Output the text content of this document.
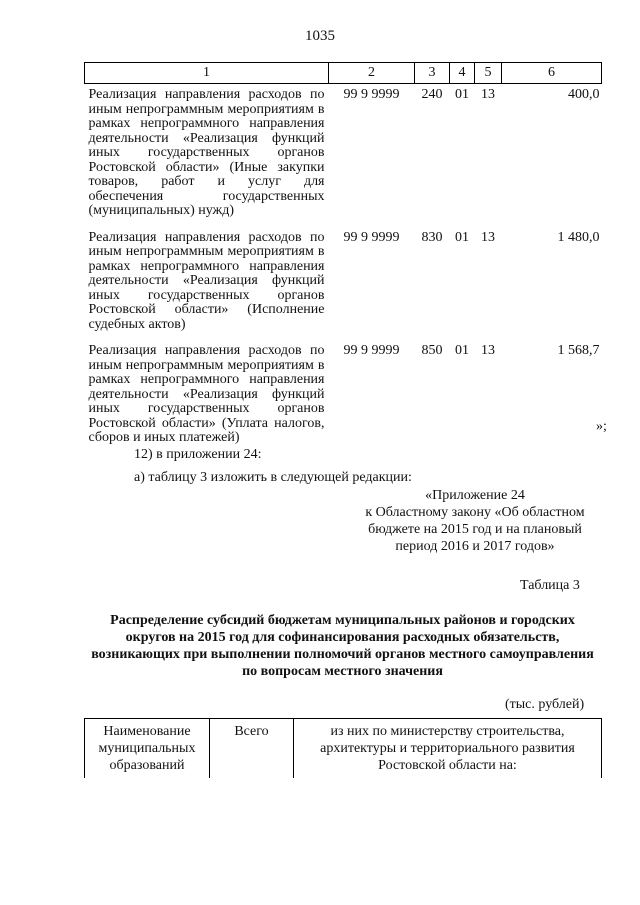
1035
1	2	3	4	5	6
Реализация направления расходов по иным непрограммным мероприятиям в рамках непрограммного направления деятельности «Реализация функций иных государственных органов Ростовской области» (Иные закупки товаров, работ и услуг для обеспечения государственных (муниципальных) нужд)	99 9 9999	240	01	13	400,0
Реализация направления расходов по иным непрограммным мероприятиям в рамках непрограммного направления деятельности «Реализация функций иных государственных органов Ростовской области» (Исполнение судебных актов)	99 9 9999	830	01	13	1 480,0
Реализация направления расходов по иным непрограммным мероприятиям в рамках непрограммного направления деятельности «Реализация функций иных государственных органов Ростовской области» (Уплата налогов, сборов и иных платежей)	99 9 9999	850	01	13	1 568,7
»;
12) в приложении 24:
а) таблицу 3 изложить в следующей редакции:
«Приложение 24
к Областному закону «Об областном
бюджете на 2015 год и на плановый
период 2016 и 2017 годов»
Таблица 3
Распределение субсидий бюджетам муниципальных районов и городских округов на 2015 год для софинансирования расходных обязательств, возникающих при выполнении полномочий органов местного самоуправления по вопросам местного значения
(тыс. рублей)
Наименование муниципальных образований	Всего	из них по министерству строительства, архитектуры и территориального развития Ростовской области на:
